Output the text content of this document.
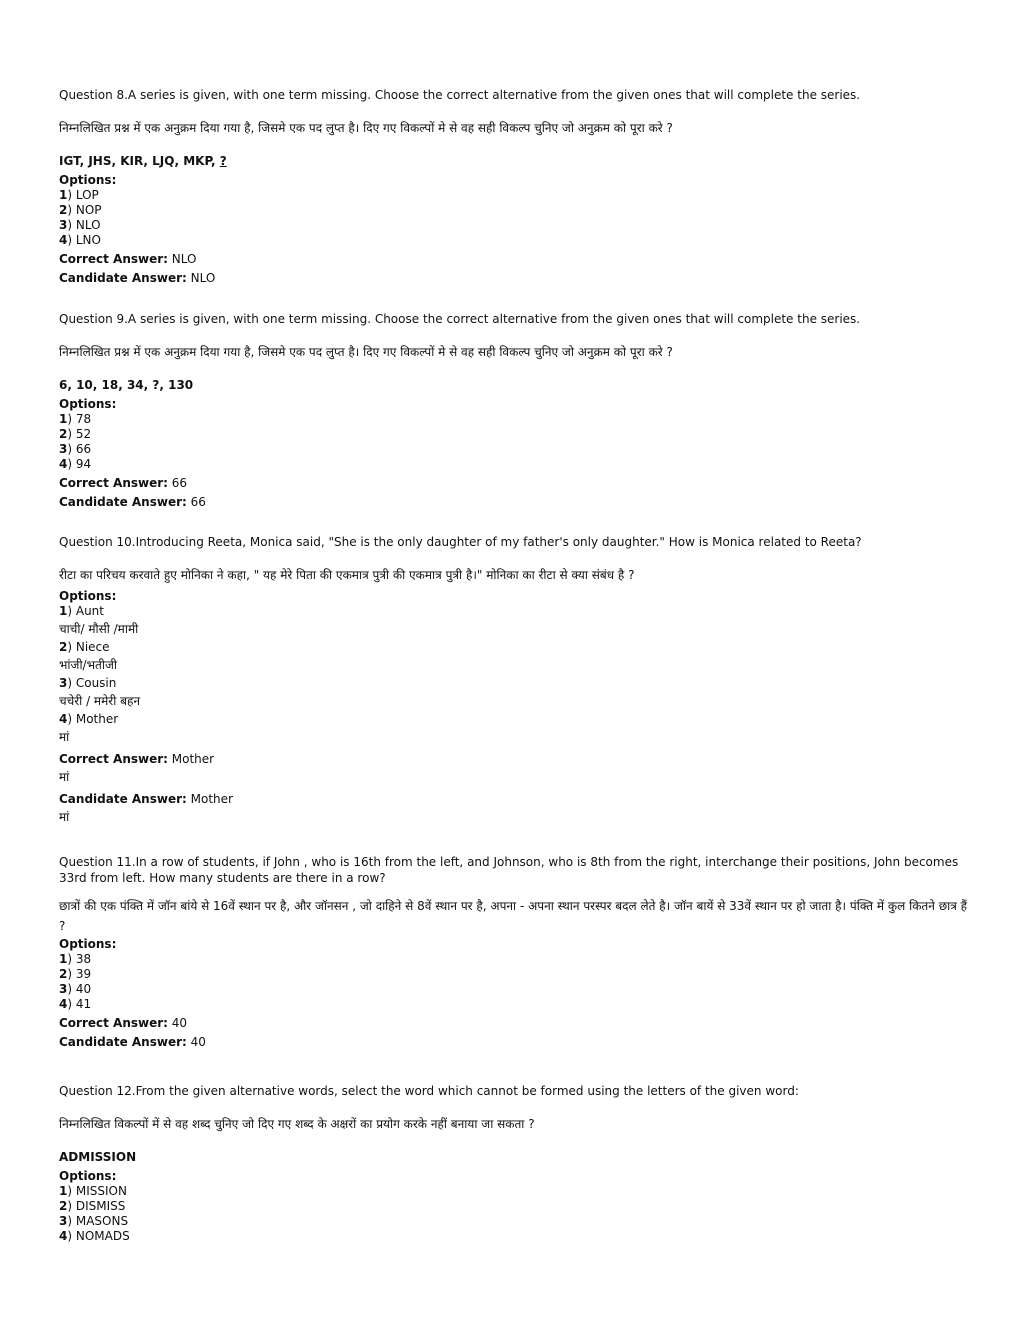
Question 8.A series is given, with one term missing. Choose the correct alternative from the given ones that will complete the series.

निम्नलिखित प्रश्न में एक अनुक्रम दिया गया है, जिसमे एक पद लुप्त है। दिए गए विकल्पों मे से वह सही विकल्प चुनिए जो अनुक्रम को पूरा करे ?
IGT, JHS, KIR, LJQ, MKP, ?
Options:
1) LOP
2) NOP
3) NLO
4) LNO
Correct Answer: NLO
Candidate Answer: NLO

Question 9.A series is given, with one term missing. Choose the correct alternative from the given ones that will complete the series.

निम्नलिखित प्रश्न में एक अनुक्रम दिया गया है, जिसमे एक पद लुप्त है। दिए गए विकल्पों मे से वह सही विकल्प चुनिए जो अनुक्रम को पूरा करे ?
6, 10, 18, 34, ?, 130
Options:
1) 78
2) 52
3) 66
4) 94
Correct Answer: 66
Candidate Answer: 66

Question 10.Introducing Reeta, Monica said, "She is the only daughter of my father's only daughter." How is Monica related to Reeta?

रीटा का परिचय करवाते हुए मोनिका ने कहा, " यह मेरे पिता की एकमात्र पुत्री की एकमात्र पुत्री है।" मोनिका का रीटा से क्या संबंध है ?
Options:
1) Aunt
चाची/ मौसी /मामी
2) Niece
भांजी/भतीजी
3) Cousin
चचेरी / ममेरी बहन
4) Mother
मां
Correct Answer: Mother
मां
Candidate Answer: Mother
मां

Question 11.In a row of students, if John , who is 16th from the left, and Johnson, who is 8th from the right, interchange their positions, John becomes 33rd from left. How many students are there in a row?

छात्रों की एक पंक्ति में जॉन बांये से 16वें स्थान पर है, और जॉनसन , जो दाहिने से 8वें स्थान पर है, अपना - अपना स्थान परस्पर बदल लेते है। जॉन बायें से 33वें स्थान पर हो जाता है। पंक्ति में कुल कितने छात्र हैं ?
Options:
1) 38
2) 39
3) 40
4) 41
Correct Answer: 40
Candidate Answer: 40

Question 12.From the given alternative words, select the word which cannot be formed using the letters of the given word:

निम्नलिखित विकल्पों में से वह शब्द चुनिए जो दिए गए शब्द के अक्षरों का प्रयोग करके नहीं बनाया जा सकता ?
ADMISSION
Options:
1) MISSION
2) DISMISS
3) MASONS
4) NOMADS
